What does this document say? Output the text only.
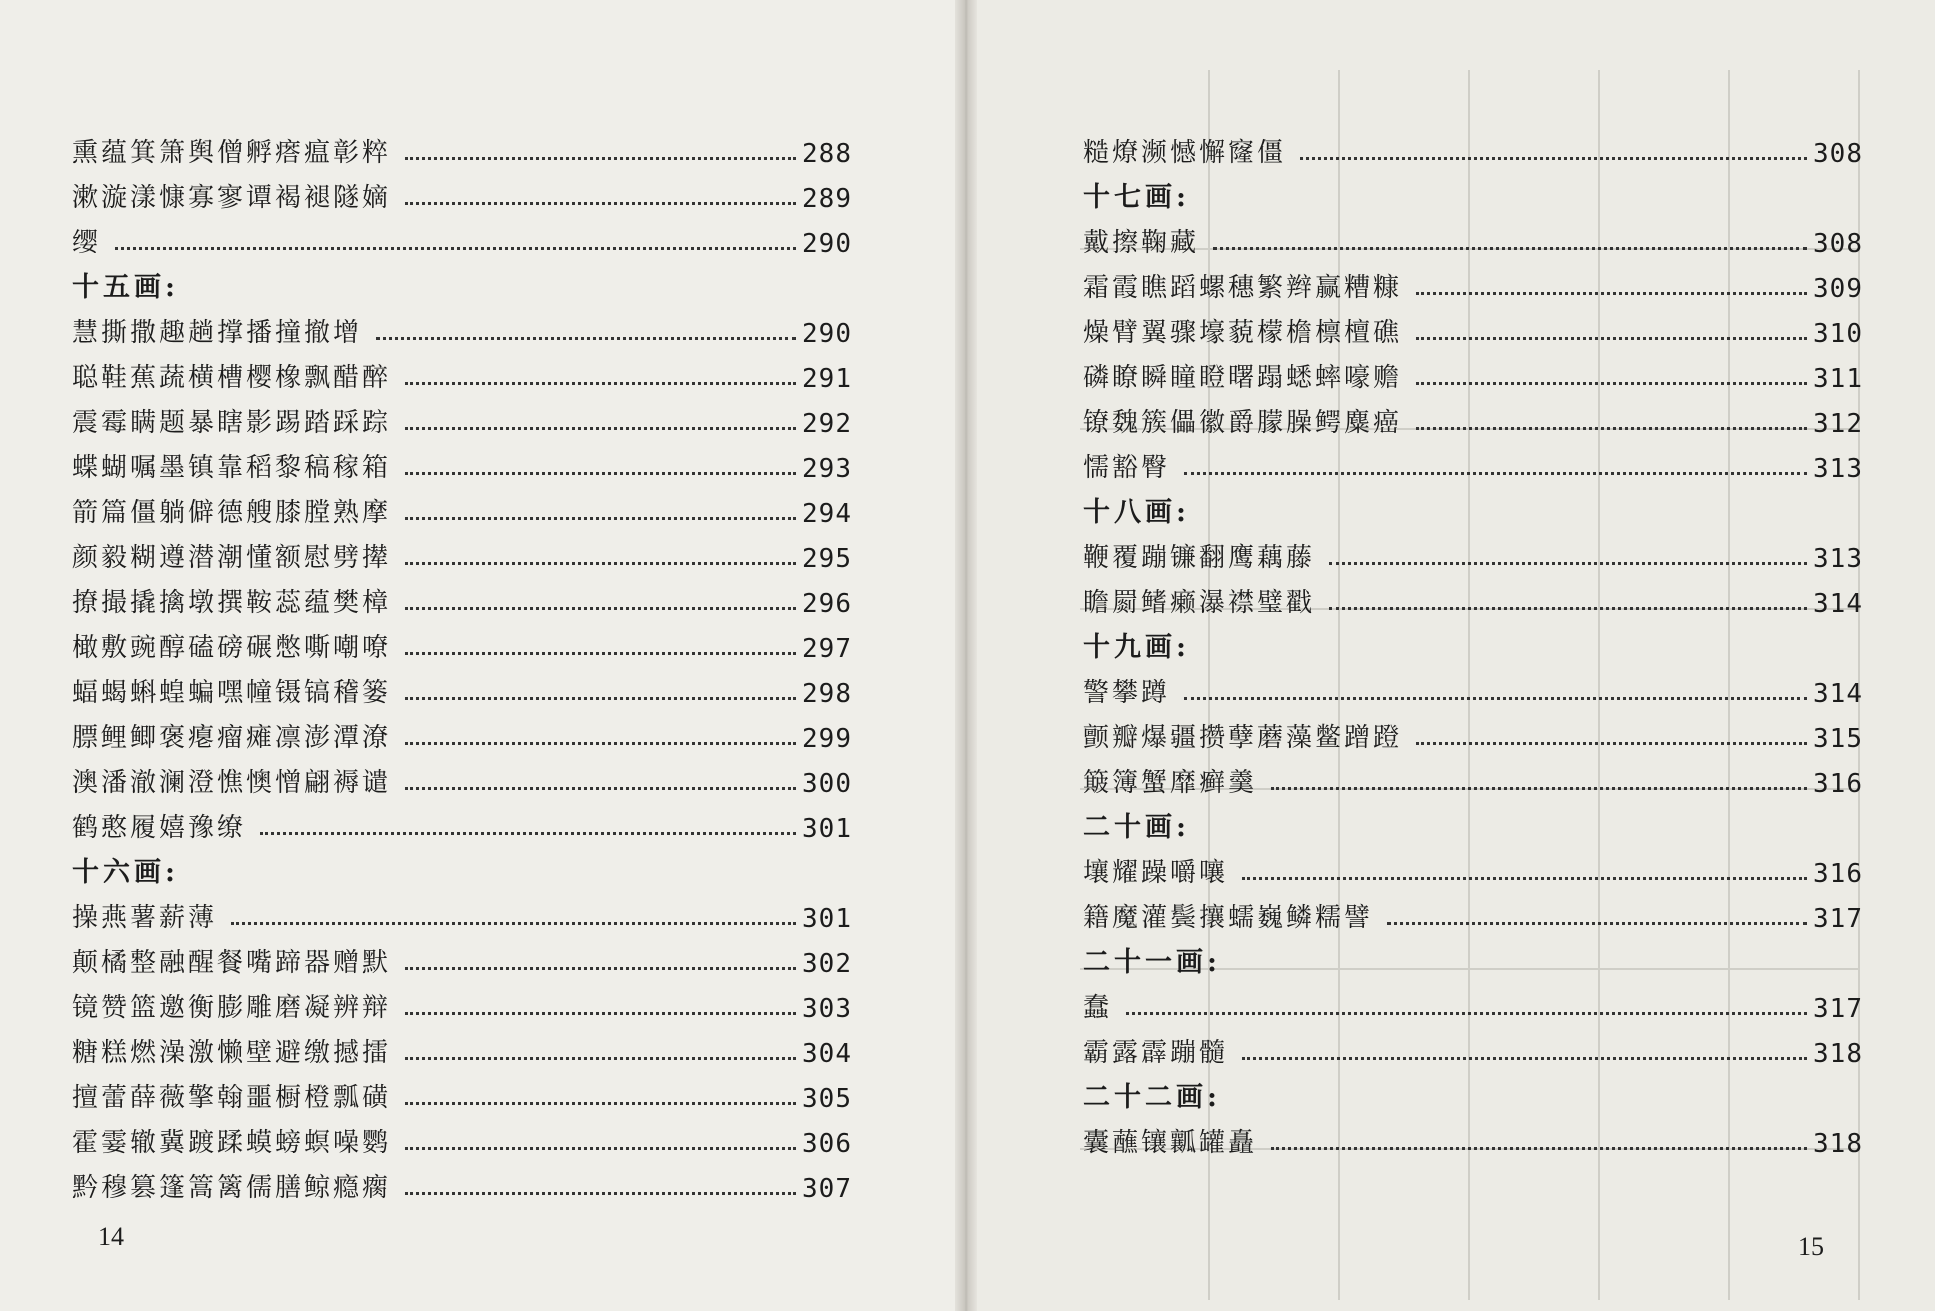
熏蕴箕箫舆僧孵瘩瘟彰粹	288
漱漩漾慷寡寥谭褐褪隧嫡	289
缨	290
十五画:
慧撕撒趣趟撑播撞撤增	290
聪鞋蕉蔬横槽樱橡飘醋醉	291
震霉瞒题暴瞎影踢踏踩踪	292
蝶蝴嘱墨镇靠稻黎稿稼箱	293
箭篇僵躺僻德艘膝膛熟摩	294
颜毅糊遵潜潮懂额慰劈撵	295
撩撮撬擒墩撰鞍蕊蕴樊樟	296
橄敷豌醇磕磅碾憋嘶嘲嘹	297
蝠蝎蝌蝗蝙嘿幢镊镐稽篓	298
膘鲤鲫褒瘪瘤瘫凛澎潭潦	299
澳潘澈澜澄憔懊憎翩褥谴	300
鹤憨履嬉豫缭	301
十六画:
操燕薯薪薄	301
颠橘整融醒餐嘴蹄器赠默	302
镜赞篮邀衡膨雕磨凝辨辩	303
糖糕燃澡激懒壁避缴撼擂	304
擅蕾薛薇擎翰噩橱橙瓢磺	305
霍霎辙冀踱蹂蟆螃螟噪鹦	306
黔穆篡篷篙篱儒膳鲸瘾瘸	307
糙燎濒憾懈窿僵	308
十七画:
戴擦鞠藏	308
霜霞瞧蹈螺穗繁辫赢糟糠	309
燥臂翼骤壕藐檬檐檩檀礁	310
磷瞭瞬瞳瞪曙蹋蟋蟀嚎赡	311
镣魏簇儡徽爵朦臊鳄麋癌	312
懦豁臀	313
十八画:
鞭覆蹦镰翻鹰藕藤	313
瞻罽鳍癞瀑襟璧戳	314
十九画:
警攀蹲	314
颤瓣爆疆攒孽蘑藻鳖蹭蹬	315
簸簿蟹靡癣羹	316
二十画:
壤耀躁嚼嚷	316
籍魔灌鬓攘蠕巍鳞糯譬	317
二十一画:
蠢	317
霸露霹蹦髓	318
二十二画:
囊蘸镶瓤罐矗	318
14	15
